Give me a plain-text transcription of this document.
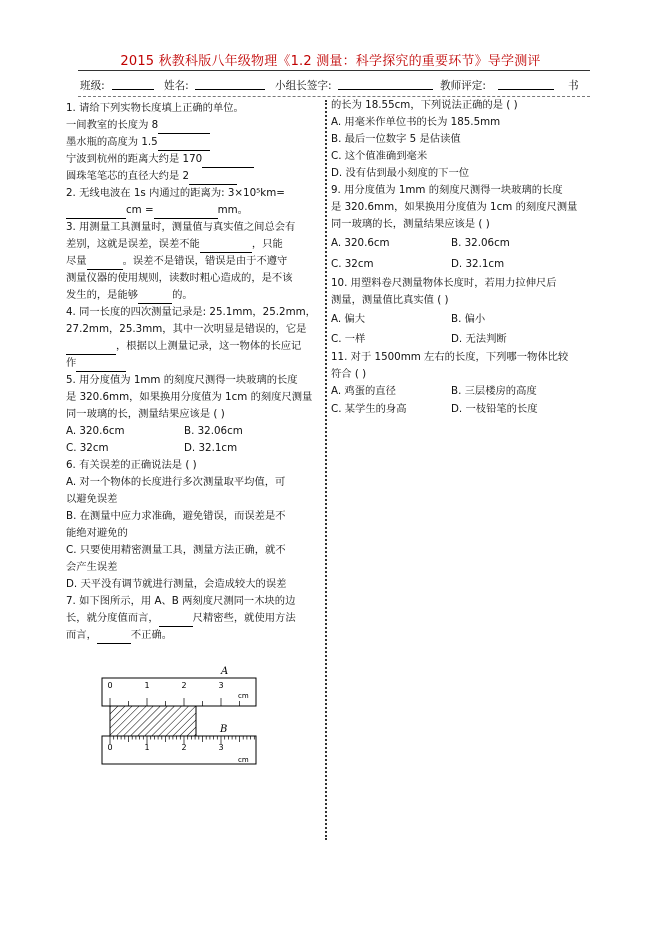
2015 秋教科版八年级物理《1.2 测量：科学探究的重要环节》导学测评
班级:	姓名:	小组长签字:	教师评定:	书
1. 请给下列实物长度填上正确的单位。
一间教室的长度为 8
墨水瓶的高度为 1.5
宁波到杭州的距离大约是 170
圆珠笔笔芯的直径大约是 2
2. 无线电波在 1s 内通过的距离为: 3×10⁵km=
cm =	mm。
3. 用测量工具测量时，测量值与真实值之间总会有
差别，这就是误差，误差不能	，只能
尽量	。误差不是错误，错误是由于不遵守
测量仪器的使用规则，读数时粗心造成的，是不该
发生的，是能够	的。
4. 同一长度的四次测量记录是: 25.1mm，25.2mm，
27.2mm，25.3mm，其中一次明显是错误的，它是
，根据以上测量记录，这一物体的长应记
作
5. 用分度值为 1mm 的刻度尺测得一块玻璃的长度
是 320.6mm，如果换用分度值为 1cm 的刻度尺测量
同一玻璃的长，测量结果应该是 ( )
A. 320.6cm	B. 32.06cm
C. 32cm	D. 32.1cm
6. 有关误差的正确说法是 ( )
A. 对一个物体的长度进行多次测量取平均值，可
以避免误差
B. 在测量中应力求准确，避免错误，而误差是不
能绝对避免的
C. 只要使用精密测量工具，测量方法正确，就不
会产生误差
D. 天平没有调节就进行测量，会造成较大的误差
7. 如下图所示，用 A、B 两刻度尺测同一木块的边
长，就分度值而言，	尺精密些，就使用方法
而言，	不正确。
A
0	1	2	3
cm
B
0	1	2	3
cm
的长为 18.55cm，下列说法正确的是 ( )
A. 用毫米作单位书的长为 185.5mm
B. 最后一位数字 5 是估读值
C. 这个值准确到毫米
D. 没有估到最小刻度的下一位
9. 用分度值为 1mm 的刻度尺测得一块玻璃的长度
是 320.6mm，如果换用分度值为 1cm 的刻度尺测量
同一玻璃的长，测量结果应该是 ( )
A. 320.6cm	B. 32.06cm
C. 32cm	D. 32.1cm
10. 用塑料卷尺测量物体长度时，若用力拉伸尺后
测量，测量值比真实值 ( )
A. 偏大	B. 偏小
C. 一样	D. 无法判断
11. 对于 1500mm 左右的长度，下列哪一物体比较
符合 ( )
A. 鸡蛋的直径	B. 三层楼房的高度
C. 某学生的身高	D. 一枝铅笔的长度
